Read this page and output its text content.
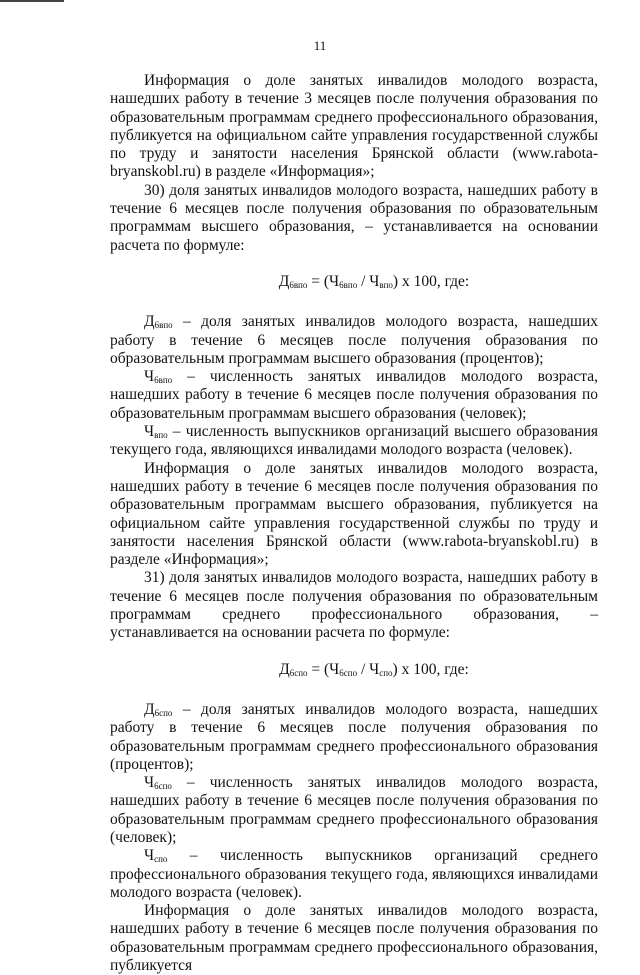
11

Информация о доле занятых инвалидов молодого возраста, нашедших работу в течение 3 месяцев после получения образования по образовательным программам среднего профессионального образования, публикуется на официальном сайте управления государственной службы по труду и занятости населения Брянской области (www.rabota-bryanskobl.ru) в разделе «Информация»;

30) доля занятых инвалидов молодого возраста, нашедших работу в течение 6 месяцев после получения образования по образовательным программам высшего образования, – устанавливается на основании расчета по формуле:

$Д_{6впо} = (Ч_{6впо} / Ч_{впо})$ х 100, где:

$Д_{6впо}$ – доля занятых инвалидов молодого возраста, нашедших работу в течение 6 месяцев после получения образования по образовательным программам высшего образования (процентов);

$Ч_{6впо}$ – численность занятых инвалидов молодого возраста, нашедших работу в течение 6 месяцев после получения образования по образовательным программам высшего образования (человек);

$Ч_{впо}$ – численность выпускников организаций высшего образования текущего года, являющихся инвалидами молодого возраста (человек).

Информация о доле занятых инвалидов молодого возраста, нашедших работу в течение 6 месяцев после получения образования по образовательным программам высшего образования, публикуется на официальном сайте управления государственной службы по труду и занятости населения Брянской области (www.rabota-bryanskobl.ru) в разделе «Информация»;

31) доля занятых инвалидов молодого возраста, нашедших работу в течение 6 месяцев после получения образования по образовательным программам среднего профессионального образования, – устанавливается на основании расчета по формуле:

$Д_{6спо} = (Ч_{6спо} / Ч_{спо})$ х 100, где:

$Д_{6спо}$ – доля занятых инвалидов молодого возраста, нашедших работу в течение 6 месяцев после получения образования по образовательным программам среднего профессионального образования (процентов);

$Ч_{6спо}$ – численность занятых инвалидов молодого возраста, нашедших работу в течение 6 месяцев после получения образования по образовательным программам среднего профессионального образования (человек);

$Ч_{спо}$ – численность выпускников организаций среднего профессионального образования текущего года, являющихся инвалидами молодого возраста (человек).

Информация о доле занятых инвалидов молодого возраста, нашедших работу в течение 6 месяцев после получения образования по образовательным программам среднего профессионального образования, публикуется
